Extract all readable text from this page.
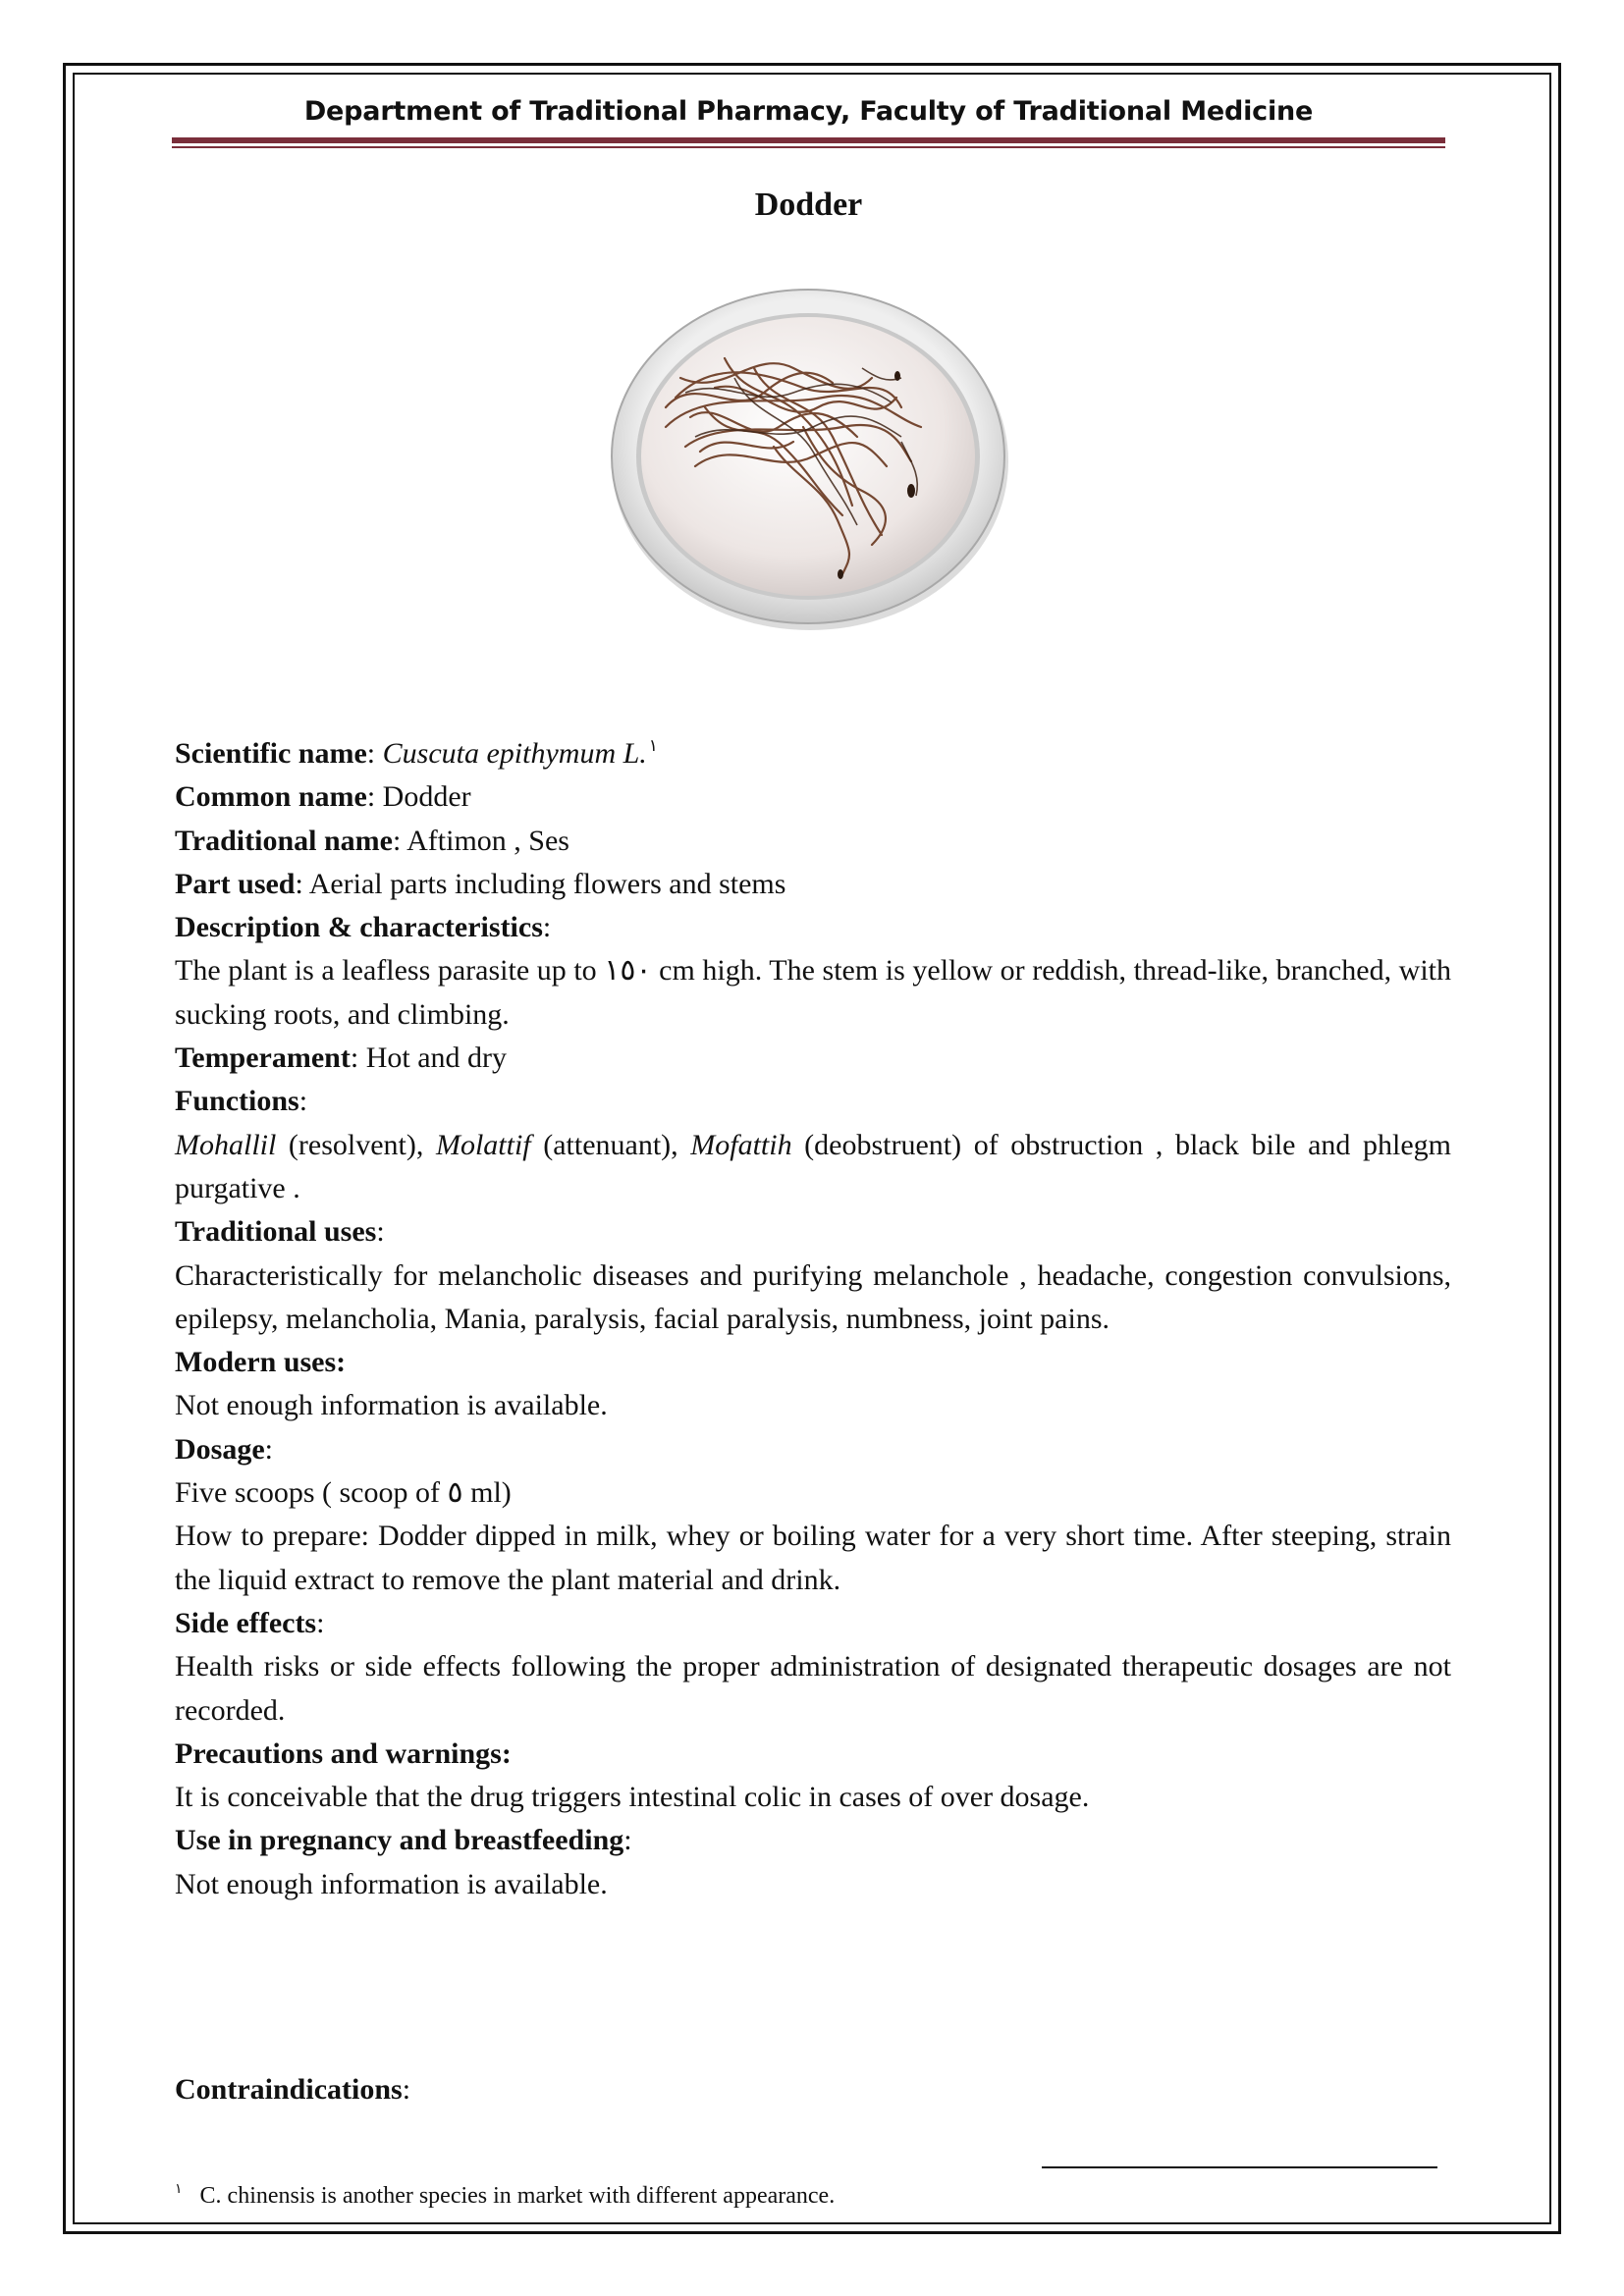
Department of Traditional Pharmacy, Faculty of Traditional Medicine
Dodder

Scientific name: Cuscuta epithymum L. $^١$

Common name: Dodder

Traditional name: Aftimon , Ses

Part used: Aerial parts including flowers and stems

Description & characteristics:

The plant is a leafless parasite up to ١٥٠ cm high. The stem is yellow or reddish, thread-like, branched, with sucking roots, and climbing.

Temperament: Hot and dry

Functions:

Mohallil (resolvent), Molattif (attenuant), Mofattih (deobstruent) of obstruction , black bile and phlegm purgative .

Traditional uses:

Characteristically for melancholic diseases and purifying melanchole , headache, congestion convulsions, epilepsy, melancholia, Mania, paralysis, facial paralysis, numbness, joint pains.

Modern uses:

Not enough information is available.

Dosage:

Five scoops ( scoop of ٥ ml)

How to prepare: Dodder dipped in milk, whey or boiling water for a very short time. After steeping, strain the liquid extract to remove the plant material and drink.

Side effects:

Health risks or side effects following the proper administration of designated therapeutic dosages are not recorded.

Precautions and warnings:

It is conceivable that the drug triggers intestinal colic in cases of over dosage.

Use in pregnancy and breastfeeding:

Not enough information is available.

Contraindications:
$^١$ C. chinensis is another species in market with different appearance.
